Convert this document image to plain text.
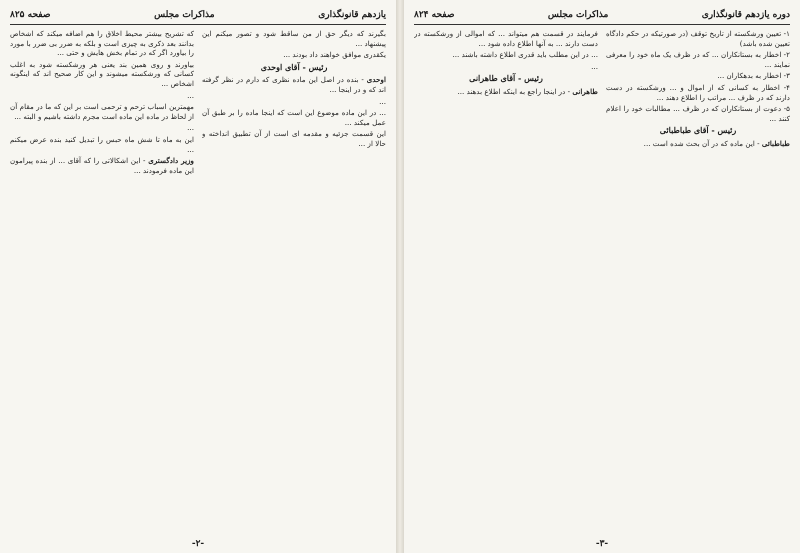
یازدهم قانونگذاری
مذاکرات مجلس
صفحه ۸۲۵

بگیرند که دیگر حق از من ساقط شود و تصور میکنم این پیشنهاد ...

یکقدری موافق خواهند داد بودند ...

رئیس - آقای اوحدی

اوحدی - بنده در اصل این ماده نظری که دارم در نظر گرفته اند که و در اینجا ...

...

... در این ماده موضوع این است که اینجا ماده را بر طبق آن عمل میکند ...

این قسمت جزئیه و مقدمه ای است از آن تطبیق انداخته و حالا از ...

که تشریح بیشتر محیط اخلاق را هم اضافه میکند که اشخاص بدانند بعد ذکری به چیزی است و بلکه به ضرر بی ضرر با مورد را بیاورد اگر که در تمام بخش هایش و حتی ...

بیاورند و روی همین بند یعنی هر ورشکسته شود به اغلب کسانی که ورشکسته میشوند و این کار صحیح اند که اینگونه اشخاص ...

...

مهمترین اسباب ترحم و ترحمی است بر این که ما در مقام آن از لحاظ در ماده این ماده است مجرم داشته باشیم و البته ...

...

اين به ماه تا شش ماه حبس را تبديل كنيد بنده عرض ميكنم ...

وزیر دادگستری - این اشکالاتی را که آقای ... از بنده پیرامون این ماده فرمودند ...

-۲-
دوره یازدهم قانونگذاری
مذاکرات مجلس
صفحه ۸۲۴

۱- تعیین ورشکسته از تاریخ توقف (در صورتیکه در حکم دادگاه تعیین شده باشد)

۲- اخطار به بستانکاران ... که در ظرف یک ماه خود را معرفی نمایند ...

۳- اخطار به بدهکاران ...

۴- اخطار به کسانی که از اموال و ... ورشکسته در دست دارند که در ظرف ... مراتب را اطلاع دهند ...

۵- دعوت از بستانکاران که در ظرف ... مطالبات خود را اعلام کنند ...

رئیس - آقای طباطبائی

طباطبائی - این ماده که در آن بحث شده است ...

فرمایند در قسمت هم میتواند ... که اموالی از ورشکسته در دست دارند ... به آنها اطلاع داده شود ...

... در این مطلب باید قدری اطلاع داشته باشند ...

...

رئیس - آقای طاهرانی

طاهرانی - در اینجا راجع به اینکه اطلاع بدهند ...

-۳-
